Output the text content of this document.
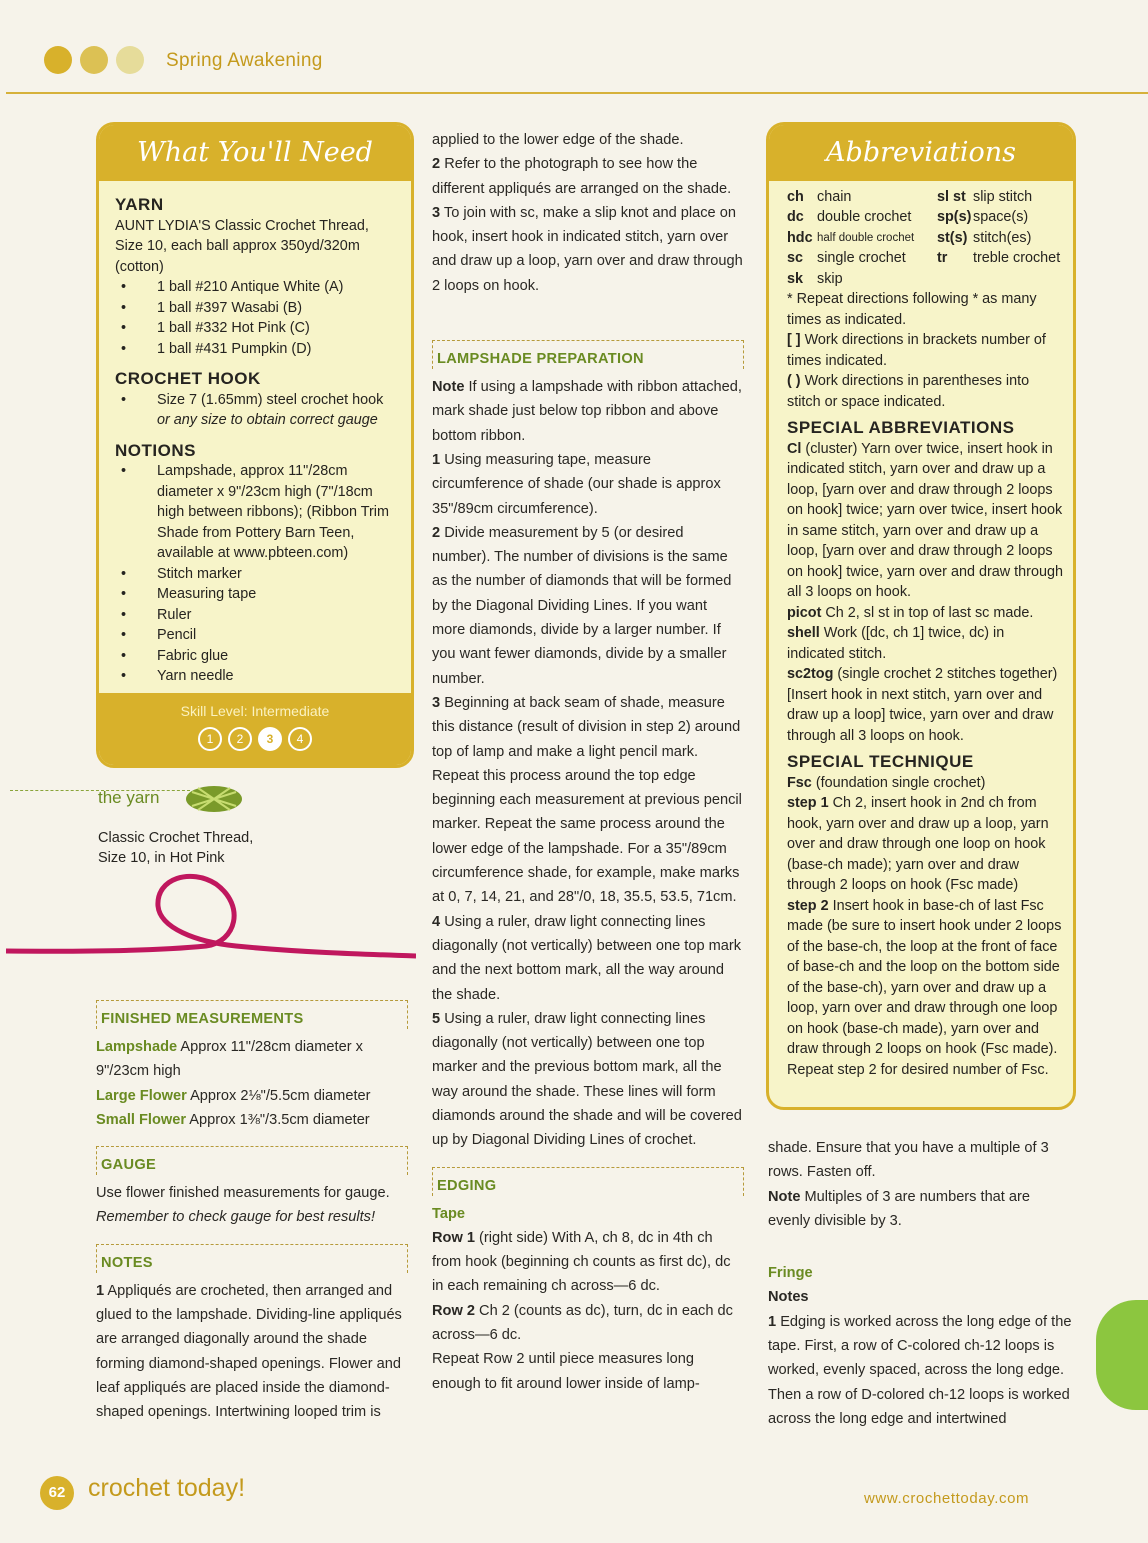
Spring Awakening
What You'll Need
YARN
AUNT LYDIA'S Classic Crochet Thread, Size 10, each ball approx 350yd/320m (cotton)
•	1 ball #210 Antique White (A)
•	1 ball #397 Wasabi (B)
•	1 ball #332 Hot Pink (C)
•	1 ball #431 Pumpkin (D)
CROCHET HOOK
•	Size 7 (1.65mm) steel crochet hook
or any size to obtain correct gauge
NOTIONS
•	Lampshade, approx 11"/28cm diameter x 9"/23cm high (7"/18cm high between ribbons); (Ribbon Trim Shade from Pottery Barn Teen, available at www.pbteen.com)
•	Stitch marker
•	Measuring tape
•	Ruler
•	Pencil
•	Fabric glue
•	Yarn needle
Skill Level: Intermediate
1	2	3	4
the yarn
Classic Crochet Thread,
Size 10, in Hot Pink
FINISHED MEASUREMENTS

Lampshade Approx 11"/28cm diameter x 9"/23cm high

Large Flower Approx 2⅛"/5.5cm diameter

Small Flower Approx 1⅜"/3.5cm diameter

GAUGE

Use flower finished measurements for gauge.

Remember to check gauge for best results!

NOTES

1 Appliqués are crocheted, then arranged and glued to the lampshade. Dividing-line appliqués are arranged diagonally around the shade forming diamond-shaped openings. Flower and leaf appliqués are placed inside the diamond-shaped openings. Intertwining looped trim is

applied to the lower edge of the shade.

2 Refer to the photograph to see how the different appliqués are arranged on the shade.

3 To join with sc, make a slip knot and place on hook, insert hook in indicated stitch, yarn over and draw up a loop, yarn over and draw through 2 loops on hook.

LAMPSHADE PREPARATION

Note If using a lampshade with ribbon attached, mark shade just below top ribbon and above bottom ribbon.

1 Using measuring tape, measure circumference of shade (our shade is approx 35"/89cm circumference).

2 Divide measurement by 5 (or desired number). The number of divisions is the same as the number of diamonds that will be formed by the Diagonal Dividing Lines. If you want more diamonds, divide by a larger number. If you want fewer diamonds, divide by a smaller number.

3 Beginning at back seam of shade, measure this distance (result of division in step 2) around top of lamp and make a light pencil mark. Repeat this process around the top edge beginning each measurement at previous pencil marker. Repeat the same process around the lower edge of the lampshade. For a 35"/89cm circumference shade, for example, make marks at 0, 7, 14, 21, and 28"/0, 18, 35.5, 53.5, 71cm.

4 Using a ruler, draw light connecting lines diagonally (not vertically) between one top mark and the next bottom mark, all the way around the shade.

5 Using a ruler, draw light connecting lines diagonally (not vertically) between one top marker and the previous bottom mark, all the way around the shade. These lines will form diamonds around the shade and will be covered up by Diagonal Dividing Lines of crochet.

EDGING

Tape

Row 1 (right side) With A, ch 8, dc in 4th ch from hook (beginning ch counts as first dc), dc in each remaining ch across—6 dc.

Row 2 Ch 2 (counts as dc), turn, dc in each dc across—6 dc.

Repeat Row 2 until piece measures long enough to fit around lower inside of lamp-

Abbreviations
ch chain	sl st slip stitch
dc double crochet	sp(s) space(s)
hdc half double crochet	st(s) stitch(es)
sc single crochet	tr	treble crochet
sk skip
* Repeat directions following * as many times as indicated.
[ ] Work directions in brackets number of times indicated.
( ) Work directions in parentheses into stitch or space indicated.
SPECIAL ABBREVIATIONS
Cl (cluster) Yarn over twice, insert hook in indicated stitch, yarn over and draw up a loop, [yarn over and draw through 2 loops on hook] twice; yarn over twice, insert hook in same stitch, yarn over and draw up a loop, [yarn over and draw through 2 loops on hook] twice, yarn over and draw through all 3 loops on hook.
picot Ch 2, sl st in top of last sc made.
shell Work ([dc, ch 1] twice, dc) in indicated stitch.
sc2tog (single crochet 2 stitches together) [Insert hook in next stitch, yarn over and draw up a loop] twice, yarn over and draw through all 3 loops on hook.
SPECIAL TECHNIQUE
Fsc (foundation single crochet)
step 1 Ch 2, insert hook in 2nd ch from hook, yarn over and draw up a loop, yarn over and draw through one loop on hook (base-ch made); yarn over and draw through 2 loops on hook (Fsc made)
step 2 Insert hook in base-ch of last Fsc made (be sure to insert hook under 2 loops of the base-ch, the loop at the front of face of base-ch and the loop on the bottom side of the base-ch), yarn over and draw up a loop, yarn over and draw through one loop on hook (base-ch made), yarn over and draw through 2 loops on hook (Fsc made).
Repeat step 2 for desired number of Fsc.

shade. Ensure that you have a multiple of 3 rows. Fasten off.

Note Multiples of 3 are numbers that are evenly divisible by 3.

Fringe

Notes

1 Edging is worked across the long edge of the tape. First, a row of C-colored ch-12 loops is worked, evenly spaced, across the long edge. Then a row of D-colored ch-12 loops is worked across the long edge and intertwined

62 crochet today!	www.crochettoday.com
